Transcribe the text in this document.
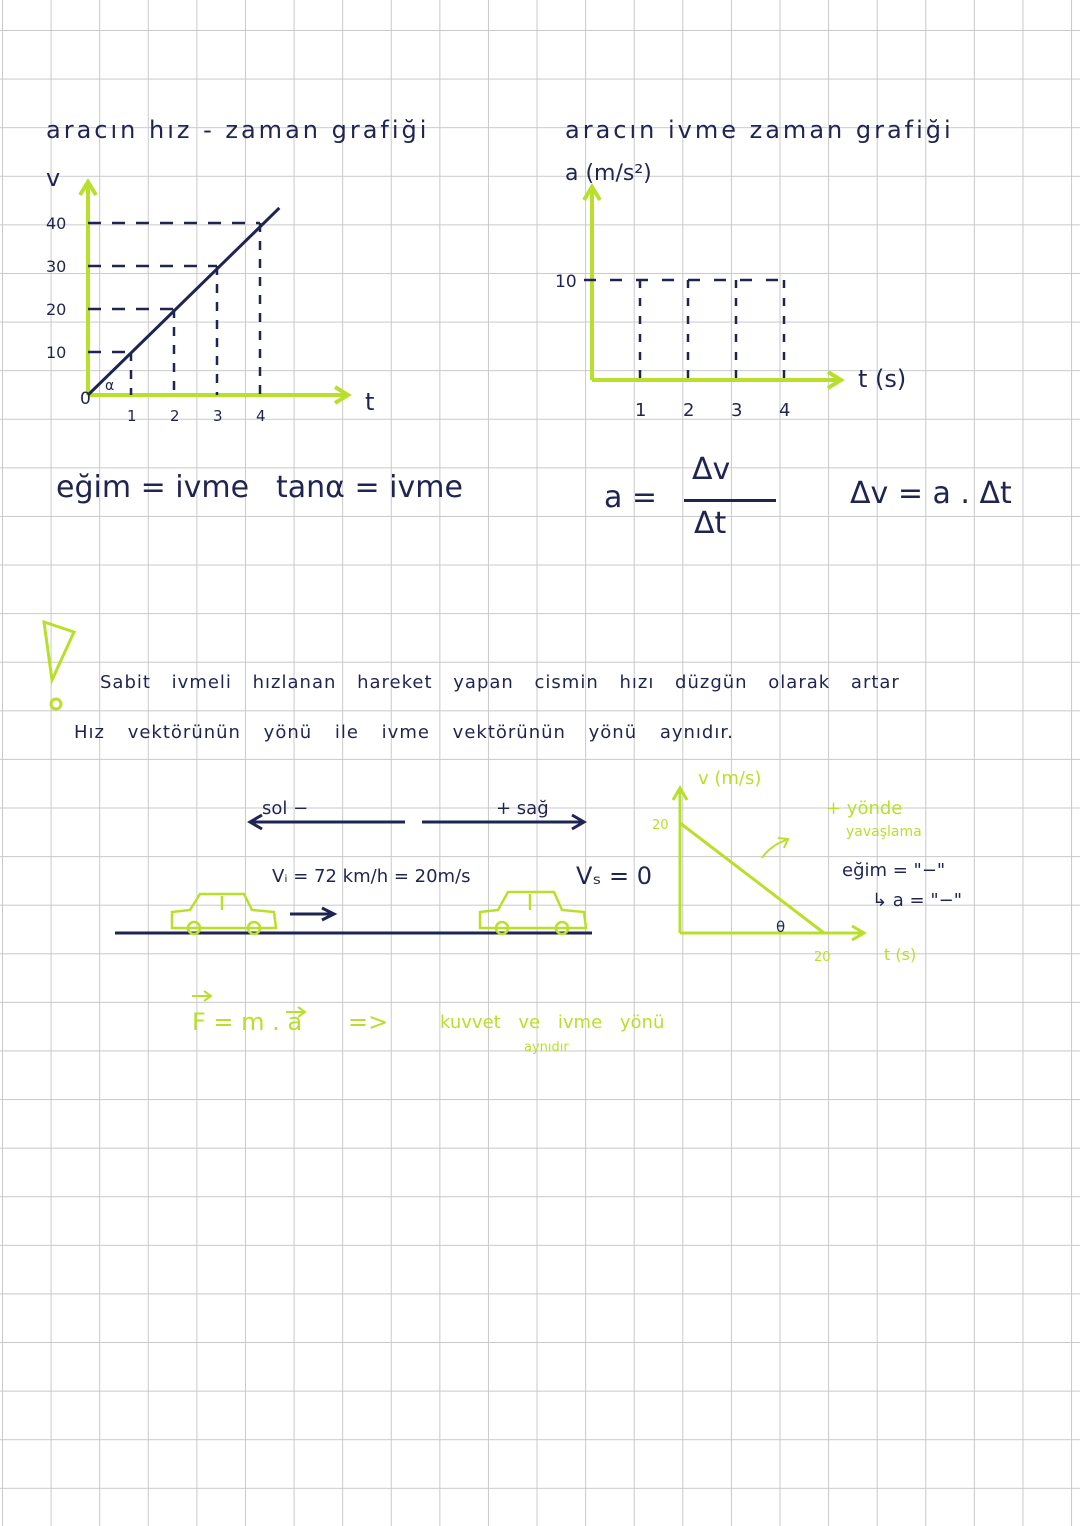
aracın hız - zaman grafiği
10
20
30
40
1 2 3 4	t
v
0
α
eğim = ivme tanα = ivme
aracın ivme zaman grafiği
10
1 2 3 4
a (m/s²)
t (s)
a =
Δv
Δt
Δv = a . Δt
Sabit ivmeli hızlanan hareket yapan cismin hızı düzgün olarak artar
Hız vektörünün yönü ile ivme vektörünün yönü aynıdır.
sol −	+ sağ
Vᵢ = 72 km/h = 20m/s	Vₛ = 0
20
20
v (m/s)
t (s)
θ
+ yönde
yavaşlama
eğim = "−"
↳ a = "−"
F = m . a =>	kuvvet ve ivme yönü
aynıdır
